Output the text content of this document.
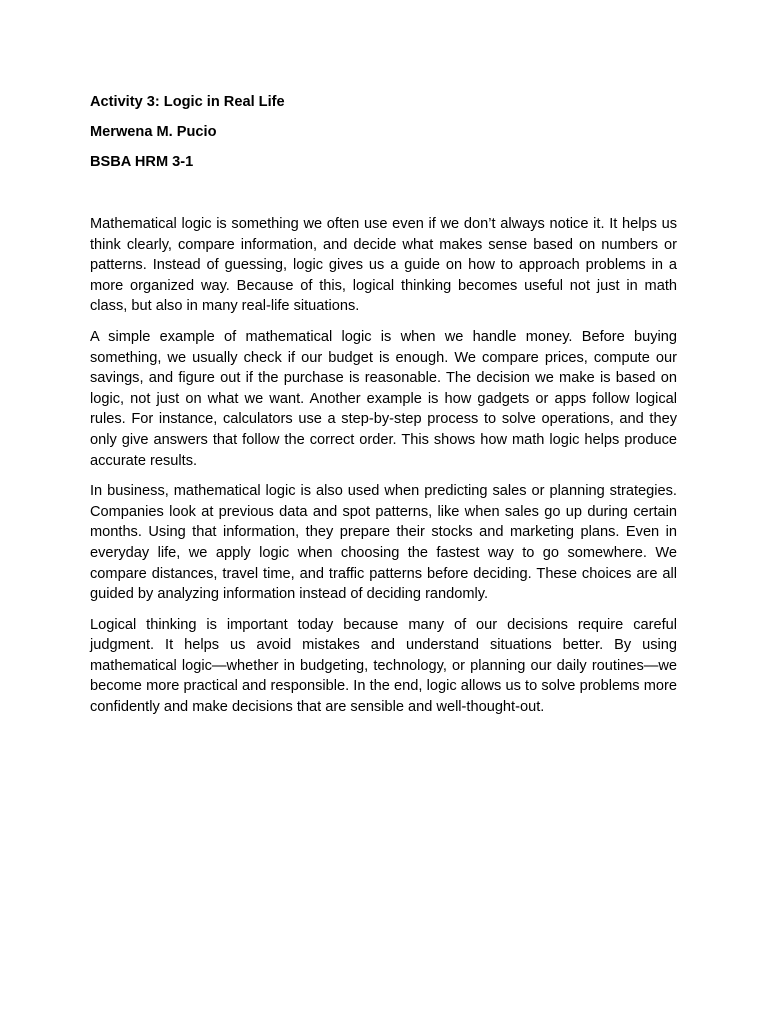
Activity 3: Logic in Real Life

Merwena M. Pucio

BSBA HRM 3-1

Mathematical logic is something we often use even if we don’t always notice it. It helps us think clearly, compare information, and decide what makes sense based on numbers or patterns. Instead of guessing, logic gives us a guide on how to approach problems in a more organized way. Because of this, logical thinking becomes useful not just in math class, but also in many real-life situations.

A simple example of mathematical logic is when we handle money. Before buying something, we usually check if our budget is enough. We compare prices, compute our savings, and figure out if the purchase is reasonable. The decision we make is based on logic, not just on what we want. Another example is how gadgets or apps follow logical rules. For instance, calculators use a step-by-step process to solve operations, and they only give answers that follow the correct order. This shows how math logic helps produce accurate results.

In business, mathematical logic is also used when predicting sales or planning strategies. Companies look at previous data and spot patterns, like when sales go up during certain months. Using that information, they prepare their stocks and marketing plans. Even in everyday life, we apply logic when choosing the fastest way to go somewhere. We compare distances, travel time, and traffic patterns before deciding. These choices are all guided by analyzing information instead of deciding randomly.

Logical thinking is important today because many of our decisions require careful judgment. It helps us avoid mistakes and understand situations better. By using mathematical logic—whether in budgeting, technology, or planning our daily routines—we become more practical and responsible. In the end, logic allows us to solve problems more confidently and make decisions that are sensible and well-thought-out.
